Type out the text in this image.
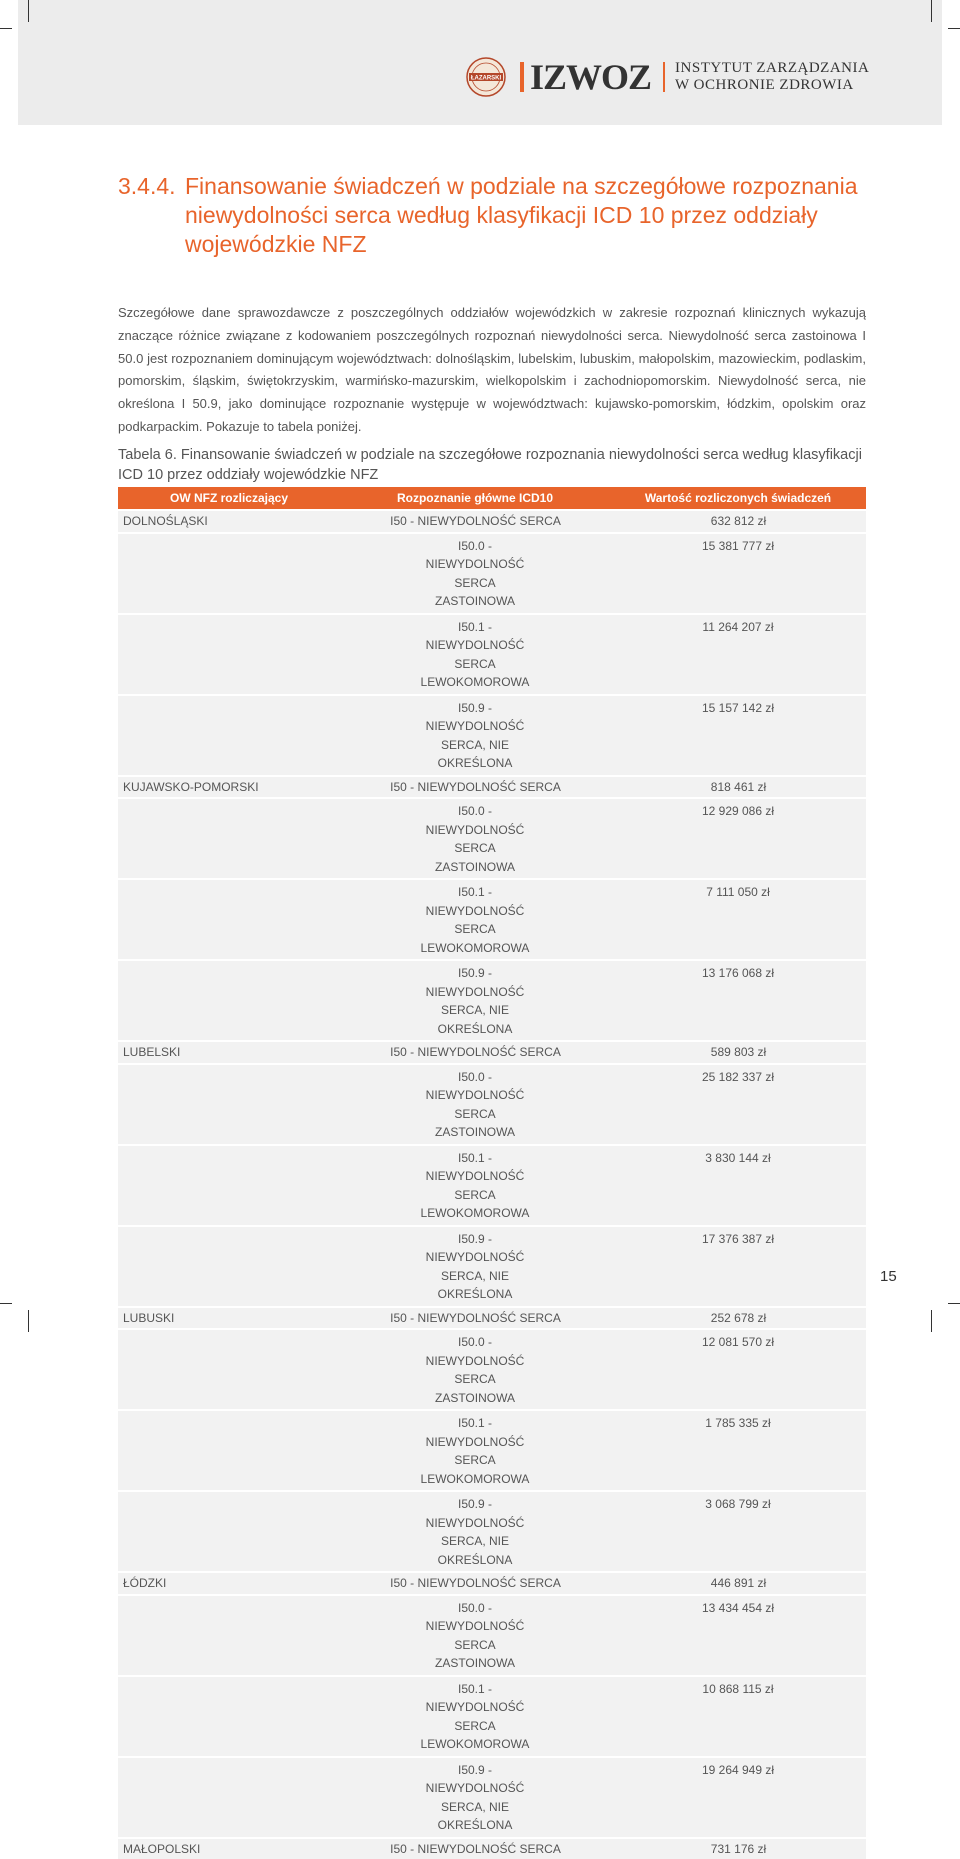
ŁAZARSKI IZWOZ INSTYTUT ZARZĄDZANIA
W OCHRONIE ZDROWIA
3.4.4. Finansowanie świadczeń w podziale na szczegółowe rozpoznania niewydolności serca według klasyfikacji ICD 10 przez oddziały wojewódzkie NFZ
Szczegółowe dane sprawozdawcze z poszczególnych oddziałów wojewódzkich w zakresie rozpoznań klinicznych wykazują znaczące różnice związane z kodowaniem poszczególnych rozpoznań niewydolności serca. Niewydolność serca zastoinowa I 50.0 jest rozpoznaniem dominującym województwach: dolnośląskim, lubelskim, lubuskim, małopolskim, mazowieckim, podlaskim, pomorskim, śląskim, świętokrzyskim, warmińsko-mazurskim, wielkopolskim i zachodniopomorskim. Niewydolność serca, nie określona I 50.9, jako dominujące rozpoznanie występuje w województwach: kujawsko-pomorskim, łódzkim, opolskim oraz podkarpackim. Pokazuje to tabela poniżej.
Tabela 6. Finansowanie świadczeń w podziale na szczegółowe rozpoznania niewydolności serca według klasyfikacji ICD 10 przez oddziały wojewódzkie NFZ
OW NFZ rozliczający	Rozpoznanie główne ICD10	Wartość rozliczonych świadczeń
DOLNOŚLĄSKI	I50 - NIEWYDOLNOŚĆ SERCA	632 812 zł
	I50.0 - NIEWYDOLNOŚĆ SERCA ZASTOINOWA	15 381 777 zł
	I50.1 - NIEWYDOLNOŚĆ SERCA LEWOKOMOROWA	11 264 207 zł
	I50.9 - NIEWYDOLNOŚĆ SERCA, NIE OKREŚLONA	15 157 142 zł
KUJAWSKO-POMORSKI	I50 - NIEWYDOLNOŚĆ SERCA	818 461 zł
	I50.0 - NIEWYDOLNOŚĆ SERCA ZASTOINOWA	12 929 086 zł
	I50.1 - NIEWYDOLNOŚĆ SERCA LEWOKOMOROWA	7 111 050 zł
	I50.9 - NIEWYDOLNOŚĆ SERCA, NIE OKREŚLONA	13 176 068 zł
LUBELSKI	I50 - NIEWYDOLNOŚĆ SERCA	589 803 zł
	I50.0 - NIEWYDOLNOŚĆ SERCA ZASTOINOWA	25 182 337 zł
	I50.1 - NIEWYDOLNOŚĆ SERCA LEWOKOMOROWA	3 830 144 zł
	I50.9 - NIEWYDOLNOŚĆ SERCA, NIE OKREŚLONA	17 376 387 zł
LUBUSKI	I50 - NIEWYDOLNOŚĆ SERCA	252 678 zł
	I50.0 - NIEWYDOLNOŚĆ SERCA ZASTOINOWA	12 081 570 zł
	I50.1 - NIEWYDOLNOŚĆ SERCA LEWOKOMOROWA	1 785 335 zł
	I50.9 - NIEWYDOLNOŚĆ SERCA, NIE OKREŚLONA	3 068 799 zł
ŁÓDZKI	I50 - NIEWYDOLNOŚĆ SERCA	446 891 zł
	I50.0 - NIEWYDOLNOŚĆ SERCA ZASTOINOWA	13 434 454 zł
	I50.1 - NIEWYDOLNOŚĆ SERCA LEWOKOMOROWA	10 868 115 zł
	I50.9 - NIEWYDOLNOŚĆ SERCA, NIE OKREŚLONA	19 264 949 zł
MAŁOPOLSKI	I50 - NIEWYDOLNOŚĆ SERCA	731 176 zł
15
